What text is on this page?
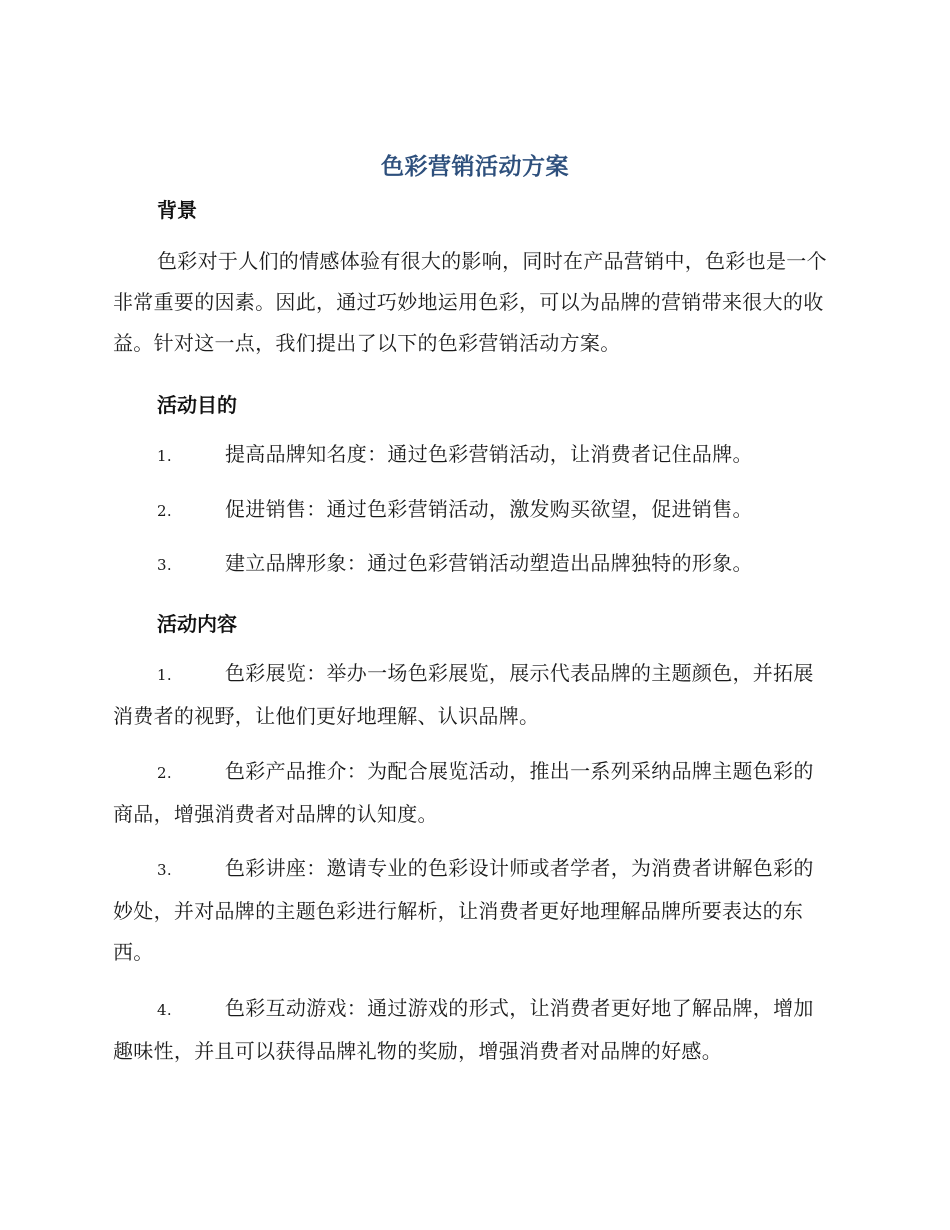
色彩营销活动方案
背景

色彩对于人们的情感体验有很大的影响，同时在产品营销中，色彩也是一个非常重要的因素。因此，通过巧妙地运用色彩，可以为品牌的营销带来很大的收益。针对这一点，我们提出了以下的色彩营销活动方案。

活动目的

1.	提高品牌知名度：通过色彩营销活动，让消费者记住品牌。

2.	促进销售：通过色彩营销活动，激发购买欲望，促进销售。

3.	建立品牌形象：通过色彩营销活动塑造出品牌独特的形象。

活动内容

1.	色彩展览：举办一场色彩展览，展示代表品牌的主题颜色，并拓展消费者的视野，让他们更好地理解、认识品牌。

2.	色彩产品推介：为配合展览活动，推出一系列采纳品牌主题色彩的商品，增强消费者对品牌的认知度。

3.	色彩讲座：邀请专业的色彩设计师或者学者，为消费者讲解色彩的妙处，并对品牌的主题色彩进行解析，让消费者更好地理解品牌所要表达的东西。

4.	色彩互动游戏：通过游戏的形式，让消费者更好地了解品牌，增加趣味性，并且可以获得品牌礼物的奖励，增强消费者对品牌的好感。
